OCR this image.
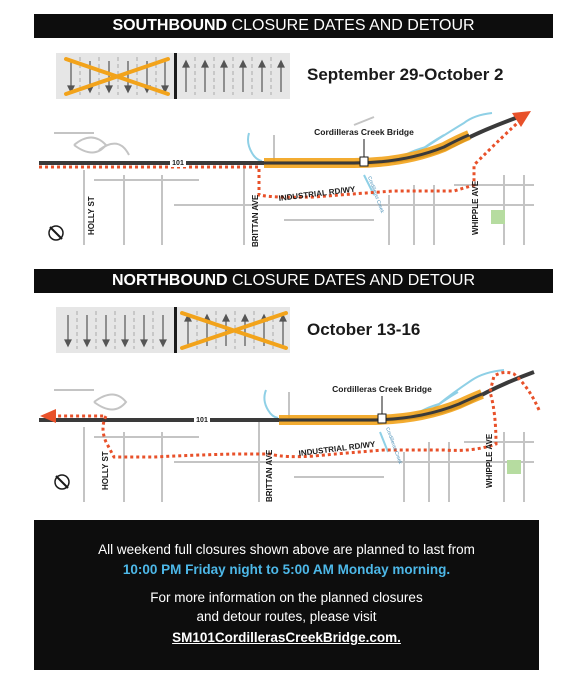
SOUTHBOUND CLOSURE DATES AND DETOUR
September 29-October 2
Cordilleras Creek Bridge
101
INDUSTRIAL RD/WY
HOLLY ST	BRITTAN AVE	WHIPPLE AVE
Cordilleras Creek
NORTHBOUND CLOSURE DATES AND DETOUR
October 13-16
Cordilleras Creek Bridge
101
INDUSTRIAL RD/WY
HOLLY ST	BRITTAN AVE	WHIPPLE AVE
Cordilleras Creek
All weekend full closures shown above are planned to last from
10:00 PM Friday night to 5:00 AM Monday morning.
For more information on the planned closures
and detour routes, please visit
SM101CordillerasCreekBridge.com.
